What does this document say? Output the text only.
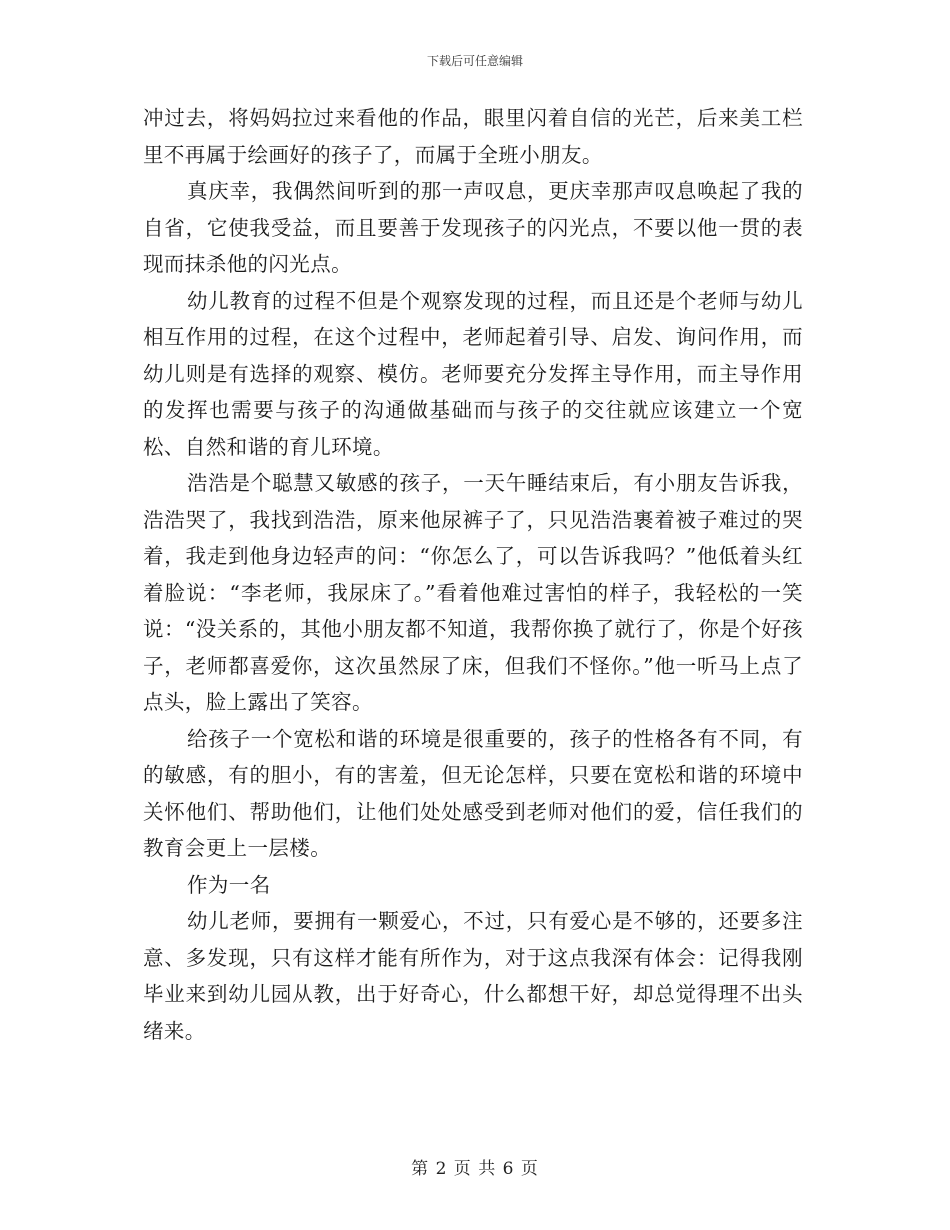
下载后可任意编辑

冲过去，将妈妈拉过来看他的作品，眼里闪着自信的光芒，后来美工栏里不再属于绘画好的孩子了，而属于全班小朋友。

真庆幸，我偶然间听到的那一声叹息，更庆幸那声叹息唤起了我的自省，它使我受益，而且要善于发现孩子的闪光点，不要以他一贯的表现而抹杀他的闪光点。

幼儿教育的过程不但是个观察发现的过程，而且还是个老师与幼儿相互作用的过程，在这个过程中，老师起着引导、启发、询问作用，而幼儿则是有选择的观察、模仿。老师要充分发挥主导作用，而主导作用的发挥也需要与孩子的沟通做基础而与孩子的交往就应该建立一个宽松、自然和谐的育儿环境。

浩浩是个聪慧又敏感的孩子，一天午睡结束后，有小朋友告诉我，浩浩哭了，我找到浩浩，原来他尿裤子了，只见浩浩裹着被子难过的哭着，我走到他身边轻声的问：“你怎么了，可以告诉我吗？”他低着头红着脸说：“李老师，我尿床了。”看着他难过害怕的样子，我轻松的一笑说：“没关系的，其他小朋友都不知道，我帮你换了就行了，你是个好孩子，老师都喜爱你，这次虽然尿了床，但我们不怪你。”他一听马上点了点头，脸上露出了笑容。

给孩子一个宽松和谐的环境是很重要的，孩子的性格各有不同，有的敏感，有的胆小，有的害羞，但无论怎样，只要在宽松和谐的环境中关怀他们、帮助他们，让他们处处感受到老师对他们的爱，信任我们的教育会更上一层楼。

作为一名

幼儿老师，要拥有一颗爱心，不过，只有爱心是不够的，还要多注意、多发现，只有这样才能有所作为，对于这点我深有体会：记得我刚毕业来到幼儿园从教，出于好奇心，什么都想干好，却总觉得理不出头绪来。

第 2 页 共 6 页
